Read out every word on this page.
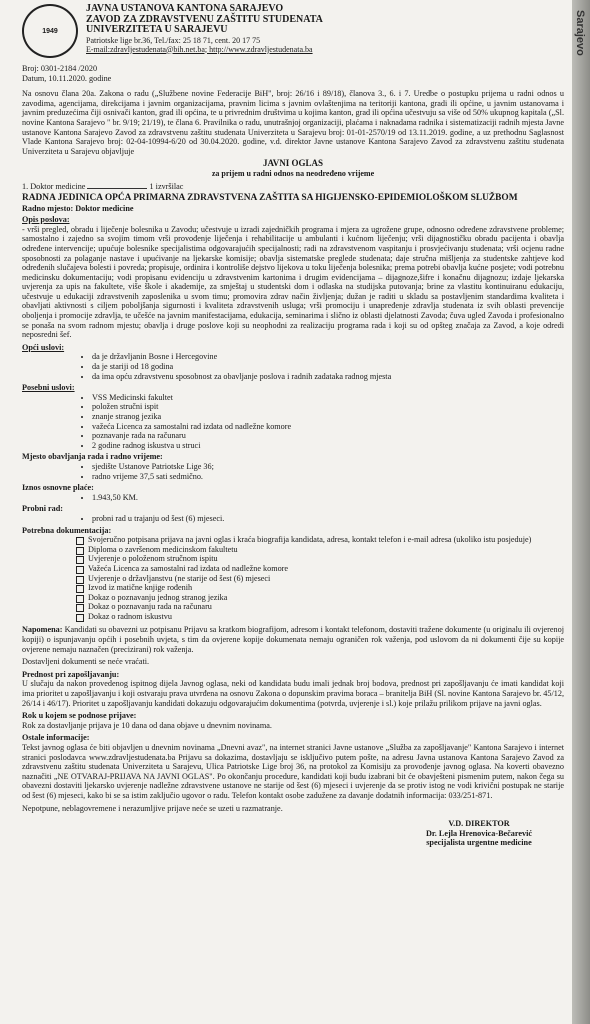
1949
JAVNA USTANOVA KANTONA SARAJEVO
ZAVOD ZA ZDRAVSTVENU ZAŠTITU STUDENATA
UNIVERZITETA U SARAJEVU
Patriotske lige br.36, Tel./fax: 25 18 71, cent. 20 17 75
E-mail:zdravljestudenata@bih.net.ba; http://www.zdravljestudenata.ba
Broj: 0301-2184 /2020
Datum, 10.11.2020. godine

Na osnovu člana 20a. Zakona o radu („Službene novine Federacije BiH", broj: 26/16 i 89/18), članova 3., 6. i 7. Uredbe o postupku prijema u radni odnos u zavodima, agencijama, direkcijama i javnim organizacijama, pravnim licima s javnim ovlaštenjima na teritoriji kantona, gradi ili općine, u javnim ustanovama i javnim preduzećima čiji osnivači kanton, grad ili općina, te u privrednim društvima u kojima kanton, grad ili općina učestvuju sa više od 50% ukupnog kapitala („Sl. novine Kantona Sarajevo " br. 9/19; 21/19), te člana 6. Pravilnika o radu, unutrašnjoj organizaciji, plaćama i naknadama radnika i sistematizaciji radnih mjesta Javne ustanove Kantona Sarajevo Zavod za zdravstvenu zaštitu studenata Univerziteta u Sarajevu broj: 01-01-2570/19 od 13.11.2019. godine, a uz prethodnu Saglasnost Vlade Kantona Sarajevo broj: 02-04-10994-6/20 od 30.04.2020. godine, v.d. direktor Javne ustanove Kantona Sarajevo Zavod za zdravstvenu zaštitu studenata Univerziteta u Sarajevu objavljuje

JAVNI OGLAS
za prijem u radni odnos na neodređeno vrijeme
1. Doktor medicine	1 izvršilac
RADNA JEDINICA OPĆA PRIMARNA ZDRAVSTVENA ZAŠTITA SA HIGIJENSKO-EPIDEMIOLOŠKOM SLUŽBOM
Radno mjesto: Doktor medicine
Opis poslova:

- vrši pregled, obradu i liječenje bolesnika u Zavodu; učestvuje u izradi zajedničkih programa i mjera za ugrožene grupe, odnosno određene zdravstvene probleme; samostalno i zajedno sa svojim timom vrši provođenje liječenja i rehabilitacije u ambulanti i kućnom liječenju; vrši dijagnostičku obradu pacijenta i obavlja određene intervencije; upućuje bolesnike specijalistima odgovarajućih specijalnosti; radi na zdravstvenom vaspitanju i prosvjećivanju studenata; vrši ocjenu radne sposobnosti za polaganje nastave i upućivanje na ljekarske komisije; obavlja sistematske preglede studenata; daje stručna mišljenja za studentske zahtjeve kod određenih slučajeva bolesti i povreda; propisuje, ordinira i kontroliše dejstvo lijekova u toku liječenja bolesnika; prema potrebi obavlja kućne posjete; vodi potrebnu medicinsku dokumentaciju; vodi propisanu evidenciju u zdravstvenim kartonima i drugim evidencijama – dijagnoze,šifre i konačnu dijagnozu; izdaje ljekarska uvjerenja za upis na fakultete, više škole i akademije, za smještaj u studentski dom i odlaska na studijska putovanja; brine za vlastitu kontinuiranu edukaciju, učestvuje u edukaciji zdravstvenih zaposlenika u svom timu; promovira zdrav način življenja; dužan je raditi u skladu sa postavljenim standardima kvaliteta i obavljati aktivnosti s ciljem poboljšanja sigurnosti i kvaliteta zdravstvenih usluga; vrši promociju i unapređenje zdravlja studenata iz svih oblasti prevencije oboljenja i promocije zdravlja, te učešće na javnim manifestacijama, edukacija, seminarima i slično iz oblasti djelatnosti Zavoda; čuva ugled Zavoda i profesionalno se ponaša na svom radnom mjestu; obavlja i druge poslove koji su neophodni za realizaciju programa rada i koji su od opšteg značaja za Zavod, a koje odredi neposredni šef.

Opći uslovi:
• da je državljanin Bosne i Hercegovine
• da je stariji od 18 godina
• da ima opću zdravstvenu sposobnost za obavljanje poslova i radnih zadataka radnog mjesta
Posebni uslovi:
• VSS Medicinski fakultet
• položen stručni ispit
• znanje stranog jezika
• važeća Licenca za samostalni rad izdata od nadležne komore
• poznavanje rada na računaru
• 2 godine radnog iskustva u struci
Mjesto obavljanja rada i radno vrijeme:
• sjedište Ustanove Patriotske Lige 36;
• radno vrijeme 37,5 sati sedmično.
Iznos osnovne plaće:
• 1.943,50 KM.
Probni rad:
• probni rad u trajanju od šest (6) mjeseci.
Potrebna dokumentacija:
Svojeručno potpisana prijava na javni oglas i kraća biografija kandidata, adresa, kontakt telefon i e-mail adresa (ukoliko istu posjeduje)
Diploma o završenom medicinskom fakultetu
Uvjerenje o položenom stručnom ispitu
Važeća Licenca za samostalni rad izdata od nadležne komore
Uvjerenje o državljanstvu (ne starije od šest (6) mjeseci
Izvod iz matične knjige rođenih
Dokaz o poznavanju jednog stranog jezika
Dokaz o poznavanju rada na računaru
Dokaz o radnom iskustvu

Napomena: Kandidati su obavezni uz potpisanu Prijavu sa kratkom biografijom, adresom i kontakt telefonom, dostaviti tražene dokumente (u originalu ili ovjerenoj kopiji) o ispunjavanju općih i posebnih uvjeta, s tim da ovjerene kopije dokumenata nemaju ograničen rok važenja, pod uslovom da ni dokumenti čije su kopije ovjerene nemaju naznačen (precizirani) rok važenja.

Dostavljeni dokumenti se neće vraćati.

Prednost pri zapošljavanju:

U slučaju da nakon provedenog ispitnog dijela Javnog oglasa, neki od kandidata budu imali jednak broj bodova, prednost pri zapošljavanju će imati kandidat koji ima prioritet u zapošljavanju i koji ostvaraju prava utvrđena na osnovu Zakona o dopunskim pravima boraca – branitelja BiH (Sl. novine Kantona Sarajevo br. 45/12, 26/14 i 46/17). Prioritet u zapošljavanju kandidati dokazuju odgovarajućim dokumentima (potvrda, uvjerenje i sl.) koje prilažu prilikom prijave na javni oglas.

Rok u kojem se podnose prijave:

Rok za dostavljanje prijava je 10 dana od dana objave u dnevnim novinama.

Ostale informacije:

Tekst javnog oglasa će biti objavljen u dnevnim novinama „Dnevni avaz", na internet stranici Javne ustanove „Služba za zapošljavanje" Kantona Sarajevo i internet stranici poslodavca www.zdravljestudenata.ba Prijavu sa dokazima, dostavljaju se isključivo putem pošte, na adresu Javna ustanova Kantona Sarajevo Zavod za zdravstvenu zaštitu studenata Univerziteta u Sarajevu, Ulica Patriotske Lige broj 36, na protokol za Komisiju za provođenje javnog oglasa. Na koverti obavezno naznačiti „NE OTVARAJ-PRIJAVA NA JAVNI OGLAS". Po okončanju procedure, kandidati koji budu izabrani bit će obavješteni pismenim putem, nakon čega su obavezni dostaviti ljekarsko uvjerenje nadležne zdravstvene ustanove ne starije od šest (6) mjeseci i uvjerenje da se protiv istog ne vodi krivični postupak ne starije od šest (6) mjeseci, kako bi se sa istim zaključio ugovor o radu. Telefon kontakt osobe zadužene za davanje dodatnih informacija: 033/251-871.

Nepotpune, neblagovremene i nerazumljive prijave neće se uzeti u razmatranje.

V.D. DIREKTOR
Dr. Lejla Hrenovica-Bečarević
specijalista urgentne medicine
Sarajevo
